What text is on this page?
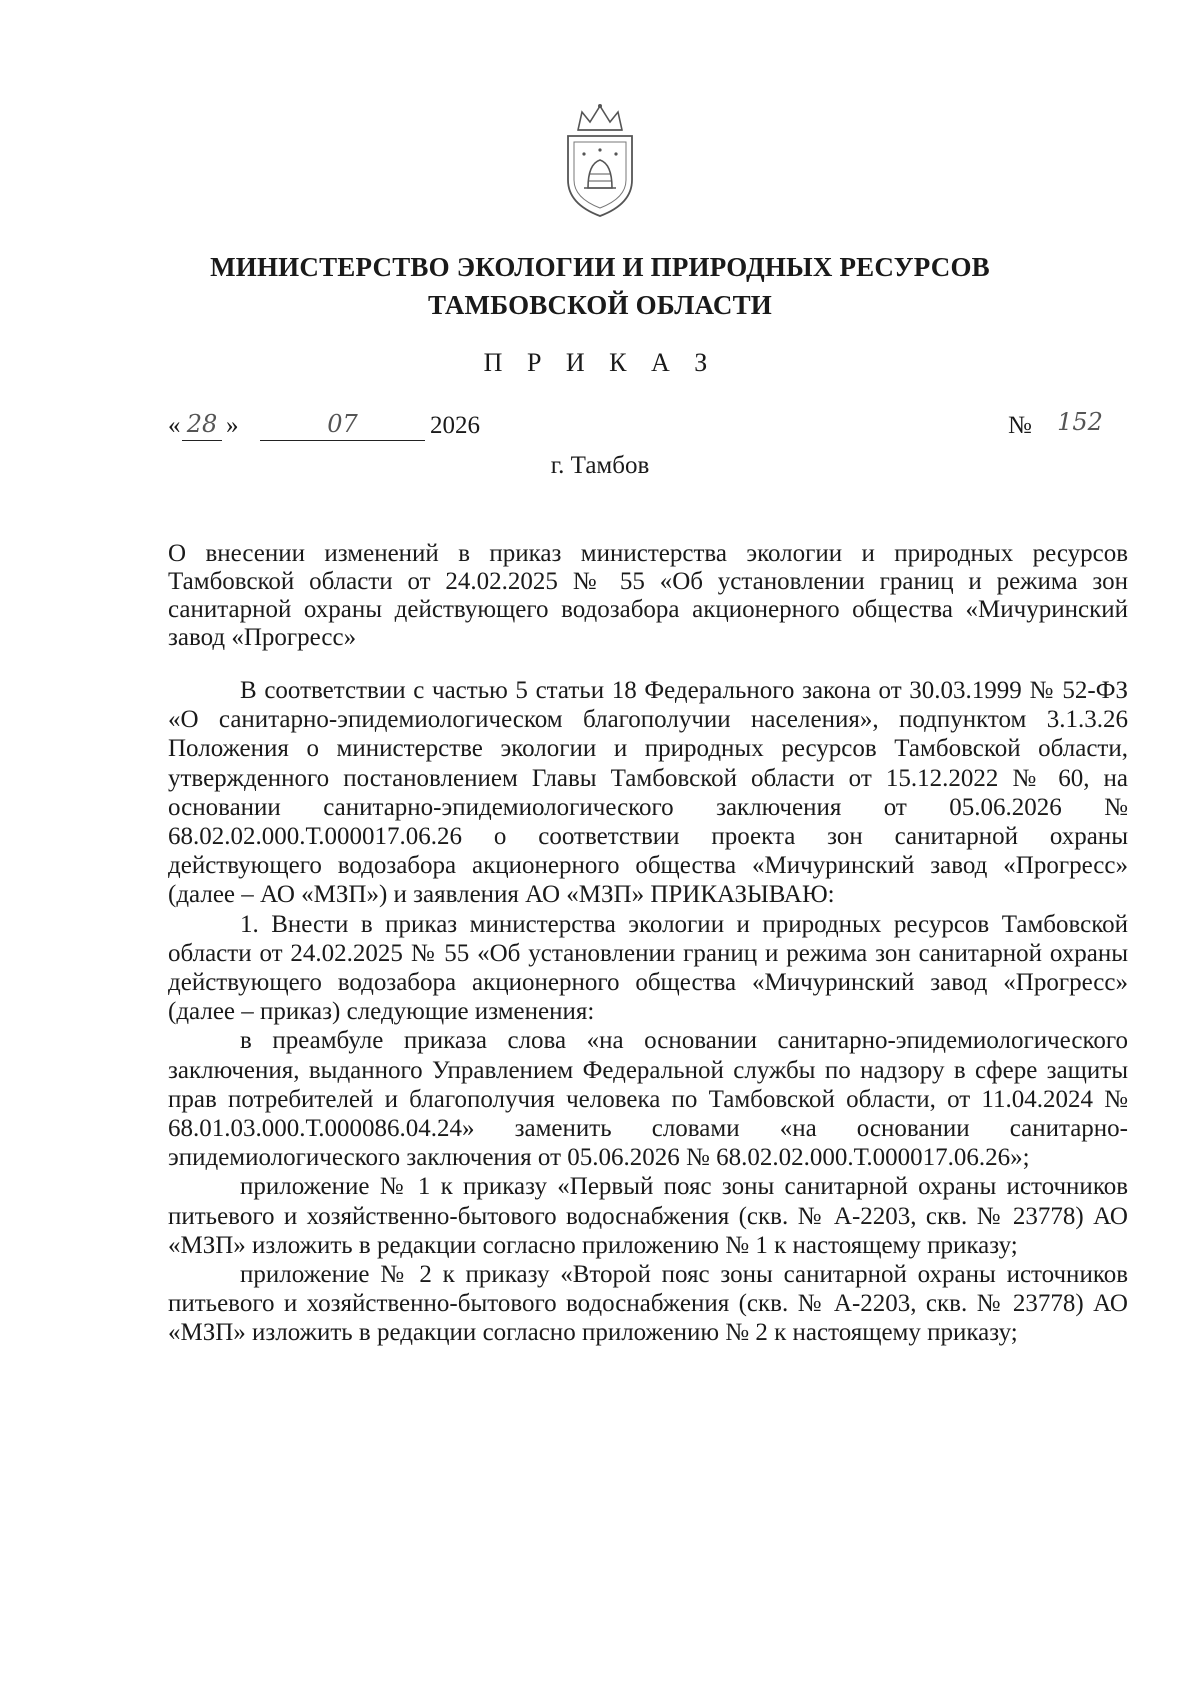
МИНИСТЕРСТВО ЭКОЛОГИИ И ПРИРОДНЫХ РЕСУРСОВ
ТАМБОВСКОЙ ОБЛАСТИ
П Р И К А З
« 28 »	07	2026	№	152
г. Тамбов
О внесении изменений в приказ министерства экологии и природных ресурсов Тамбовской области от 24.02.2025 № 55 «Об установлении границ и режима зон санитарной охраны действующего водозабора акционерного общества «Мичуринский завод «Прогресс»

В соответствии с частью 5 статьи 18 Федерального закона от 30.03.1999 № 52-ФЗ «О санитарно-эпидемиологическом благополучии населения», подпунктом 3.1.3.26 Положения о министерстве экологии и природных ресурсов Тамбовской области, утвержденного постановлением Главы Тамбовской области от 15.12.2022 № 60, на основании санитарно-эпидемиологического заключения от 05.06.2026 № 68.02.02.000.Т.000017.06.26 о соответствии проекта зон санитарной охраны действующего водозабора акционерного общества «Мичуринский завод «Прогресс» (далее – АО «МЗП») и заявления АО «МЗП» ПРИКАЗЫВАЮ:

1. Внести в приказ министерства экологии и природных ресурсов Тамбовской области от 24.02.2025 № 55 «Об установлении границ и режима зон санитарной охраны действующего водозабора акционерного общества «Мичуринский завод «Прогресс» (далее – приказ) следующие изменения:

в преамбуле приказа слова «на основании санитарно-эпидемиологического заключения, выданного Управлением Федеральной службы по надзору в сфере защиты прав потребителей и благополучия человека по Тамбовской области, от 11.04.2024 № 68.01.03.000.Т.000086.04.24» заменить словами «на основании санитарно-эпидемиологического заключения от 05.06.2026 № 68.02.02.000.Т.000017.06.26»;

приложение № 1 к приказу «Первый пояс зоны санитарной охраны источников питьевого и хозяйственно-бытового водоснабжения (скв. № А-2203, скв. № 23778) АО «МЗП» изложить в редакции согласно приложению № 1 к настоящему приказу;

приложение № 2 к приказу «Второй пояс зоны санитарной охраны источников питьевого и хозяйственно-бытового водоснабжения (скв. № А-2203, скв. № 23778) АО «МЗП» изложить в редакции согласно приложению № 2 к настоящему приказу;
